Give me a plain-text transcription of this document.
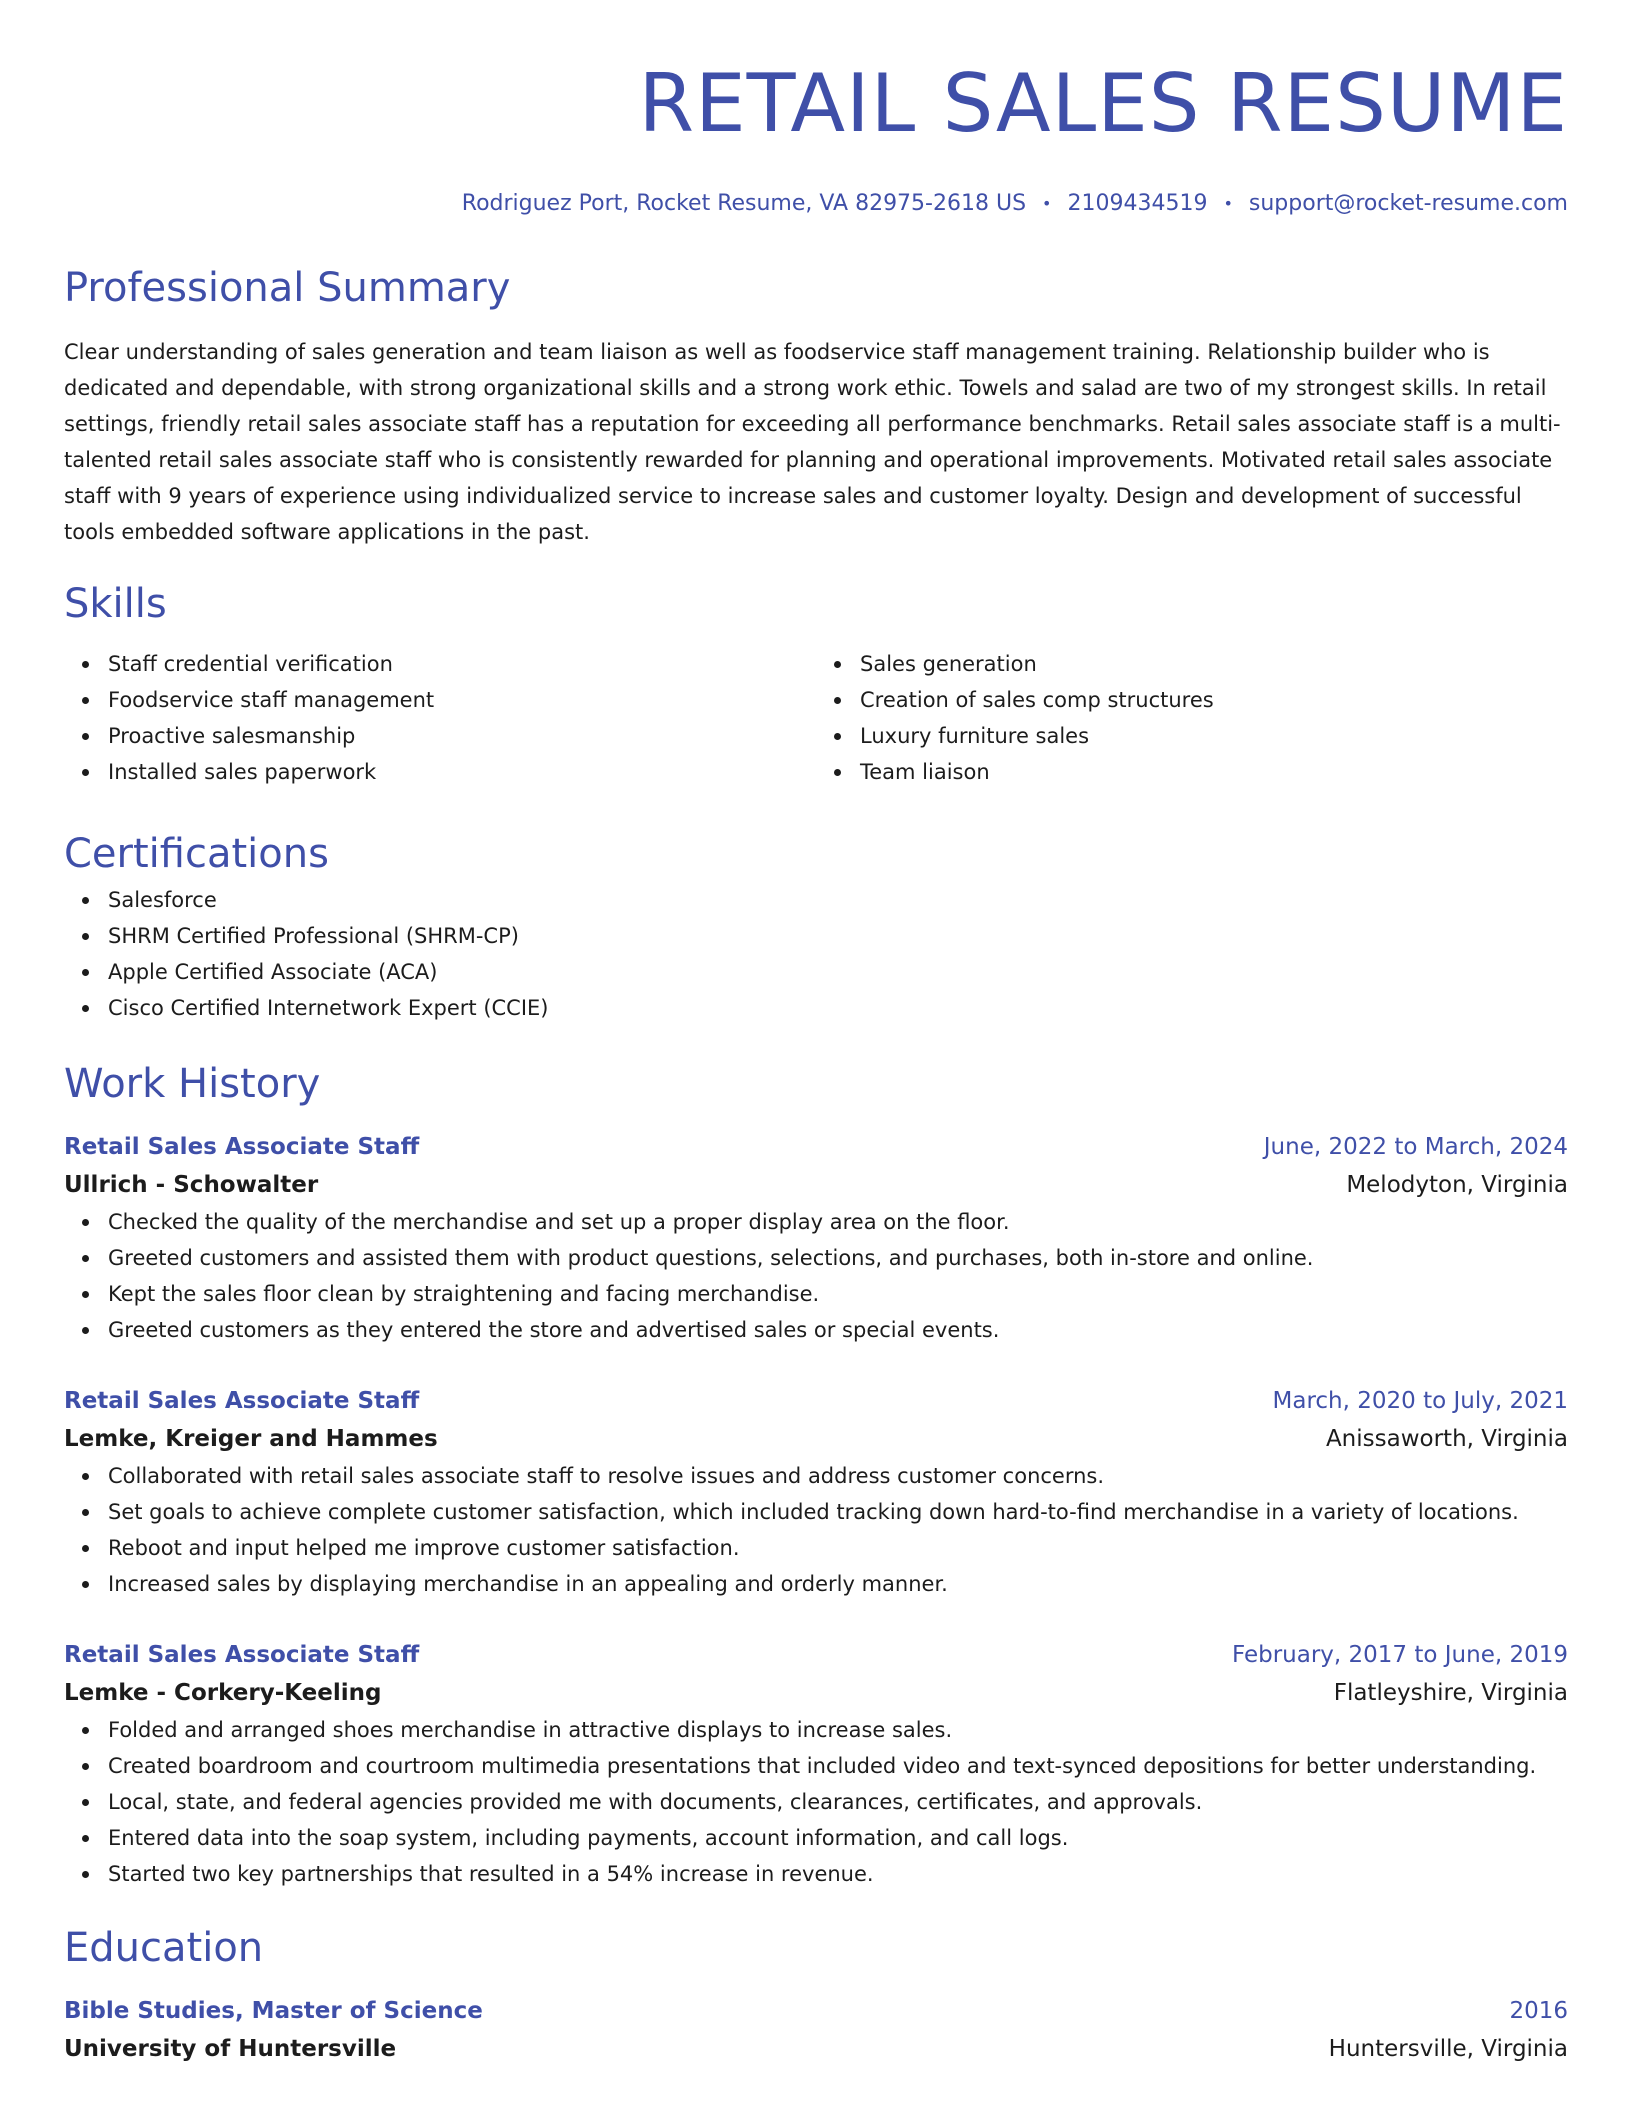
RETAIL SALES RESUME
Rodriguez Port, Rocket Resume, VA 82975-2618 US • 2109434519 • support@rocket-resume.com
Professional Summary
Clear understanding of sales generation and team liaison as well as foodservice staff management training. Relationship builder who is dedicated and dependable, with strong organizational skills and a strong work ethic. Towels and salad are two of my strongest skills. In retail settings, friendly retail sales associate staff has a reputation for exceeding all performance benchmarks. Retail sales associate staff is a multi-talented retail sales associate staff who is consistently rewarded for planning and operational improvements. Motivated retail sales associate staff with 9 years of experience using individualized service to increase sales and customer loyalty. Design and development of successful tools embedded software applications in the past.
Skills
Staff credential verification
Foodservice staff management
Proactive salesmanship
Installed sales paperwork
Sales generation
Creation of sales comp structures
Luxury furniture sales
Team liaison
Certifications
Salesforce
SHRM Certified Professional (SHRM-CP)
Apple Certified Associate (ACA)
Cisco Certified Internetwork Expert (CCIE)
Work History
Retail Sales Associate Staff	June, 2022 to March, 2024
Ullrich - Schowalter	Melodyton, Virginia
Checked the quality of the merchandise and set up a proper display area on the floor.
Greeted customers and assisted them with product questions, selections, and purchases, both in-store and online.
Kept the sales floor clean by straightening and facing merchandise.
Greeted customers as they entered the store and advertised sales or special events.
Retail Sales Associate Staff	March, 2020 to July, 2021
Lemke, Kreiger and Hammes	Anissaworth, Virginia
Collaborated with retail sales associate staff to resolve issues and address customer concerns.
Set goals to achieve complete customer satisfaction, which included tracking down hard-to-find merchandise in a variety of locations.
Reboot and input helped me improve customer satisfaction.
Increased sales by displaying merchandise in an appealing and orderly manner.
Retail Sales Associate Staff	February, 2017 to June, 2019
Lemke - Corkery-Keeling	Flatleyshire, Virginia
Folded and arranged shoes merchandise in attractive displays to increase sales.
Created boardroom and courtroom multimedia presentations that included video and text-synced depositions for better understanding.
Local, state, and federal agencies provided me with documents, clearances, certificates, and approvals.
Entered data into the soap system, including payments, account information, and call logs.
Started two key partnerships that resulted in a 54% increase in revenue.
Education
Bible Studies, Master of Science	2016
University of Huntersville	Huntersville, Virginia
